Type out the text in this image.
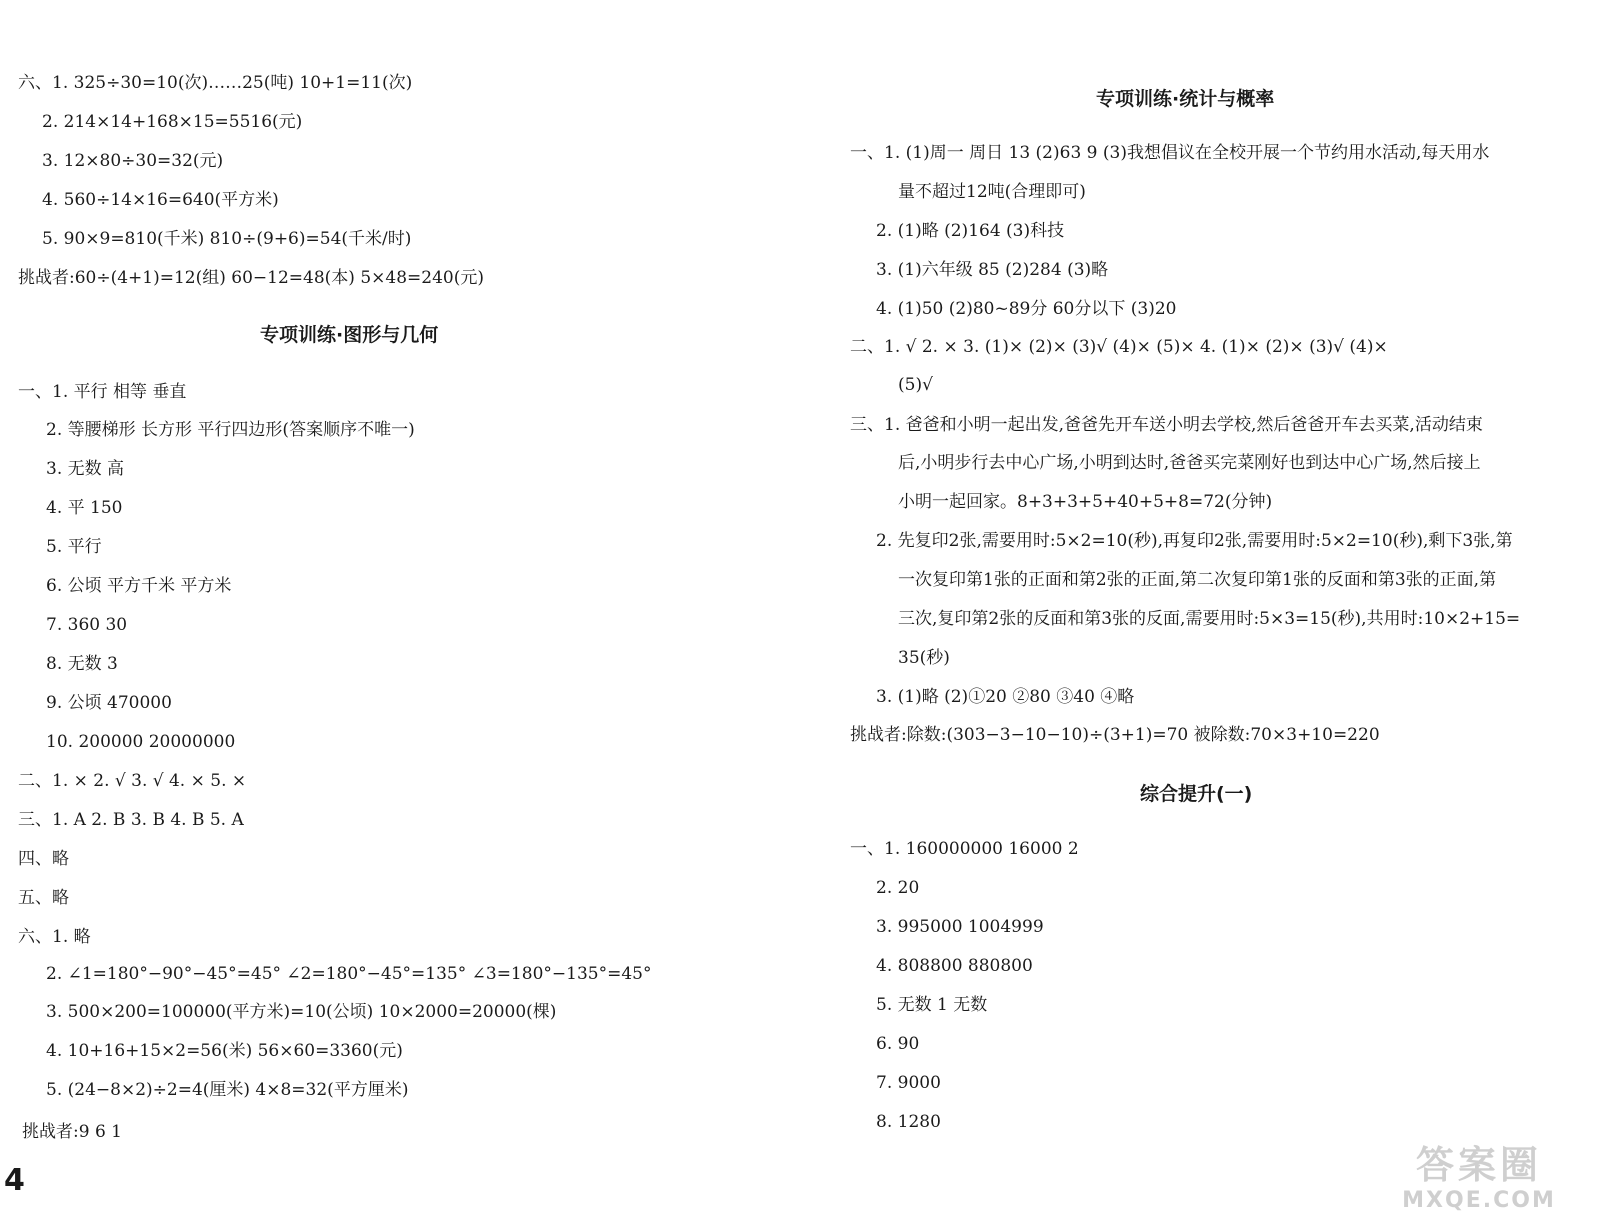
六、1. 325÷30=10(次)……25(吨) 10+1=11(次)
2. 214×14+168×15=5516(元)
3. 12×80÷30=32(元)
4. 560÷14×16=640(平方米)
5. 90×9=810(千米) 810÷(9+6)=54(千米/时)
挑战者:60÷(4+1)=12(组) 60−12=48(本) 5×48=240(元)
专项训练·图形与几何
一、1. 平行 相等 垂直
2. 等腰梯形 长方形 平行四边形(答案顺序不唯一)
3. 无数 高
4. 平 150
5. 平行
6. 公顷 平方千米 平方米
7. 360 30
8. 无数 3
9. 公顷 470000
10. 200000 20000000
二、1. × 2. √ 3. √ 4. × 5. ×
三、1. A 2. B 3. B 4. B 5. A
四、略
五、略
六、1. 略
2. ∠1=180°−90°−45°=45° ∠2=180°−45°=135° ∠3=180°−135°=45°
3. 500×200=100000(平方米)=10(公顷) 10×2000=20000(棵)
4. 10+16+15×2=56(米) 56×60=3360(元)
5. (24−8×2)÷2=4(厘米) 4×8=32(平方厘米)
挑战者:9 6 1
4
专项训练·统计与概率
一、1. (1)周一 周日 13 (2)63 9 (3)我想倡议在全校开展一个节约用水活动,每天用水
量不超过12吨(合理即可)
2. (1)略 (2)164 (3)科技
3. (1)六年级 85 (2)284 (3)略
4. (1)50 (2)80~89分 60分以下 (3)20
二、1. √ 2. × 3. (1)× (2)× (3)√ (4)× (5)× 4. (1)× (2)× (3)√ (4)×
(5)√
三、1. 爸爸和小明一起出发,爸爸先开车送小明去学校,然后爸爸开车去买菜,活动结束
后,小明步行去中心广场,小明到达时,爸爸买完菜刚好也到达中心广场,然后接上
小明一起回家。8+3+3+5+40+5+8=72(分钟)
2. 先复印2张,需要用时:5×2=10(秒),再复印2张,需要用时:5×2=10(秒),剩下3张,第
一次复印第1张的正面和第2张的正面,第二次复印第1张的反面和第3张的正面,第
三次,复印第2张的反面和第3张的反面,需要用时:5×3=15(秒),共用时:10×2+15=
35(秒)
3. (1)略 (2)①20 ②80 ③40 ④略
挑战者:除数:(303−3−10−10)÷(3+1)=70 被除数:70×3+10=220
综合提升(一)
一、1. 160000000 16000 2
2. 20
3. 995000 1004999
4. 808800 880800
5. 无数 1 无数
6. 90
7. 9000
8. 1280
答案圈
MXQE.COM
